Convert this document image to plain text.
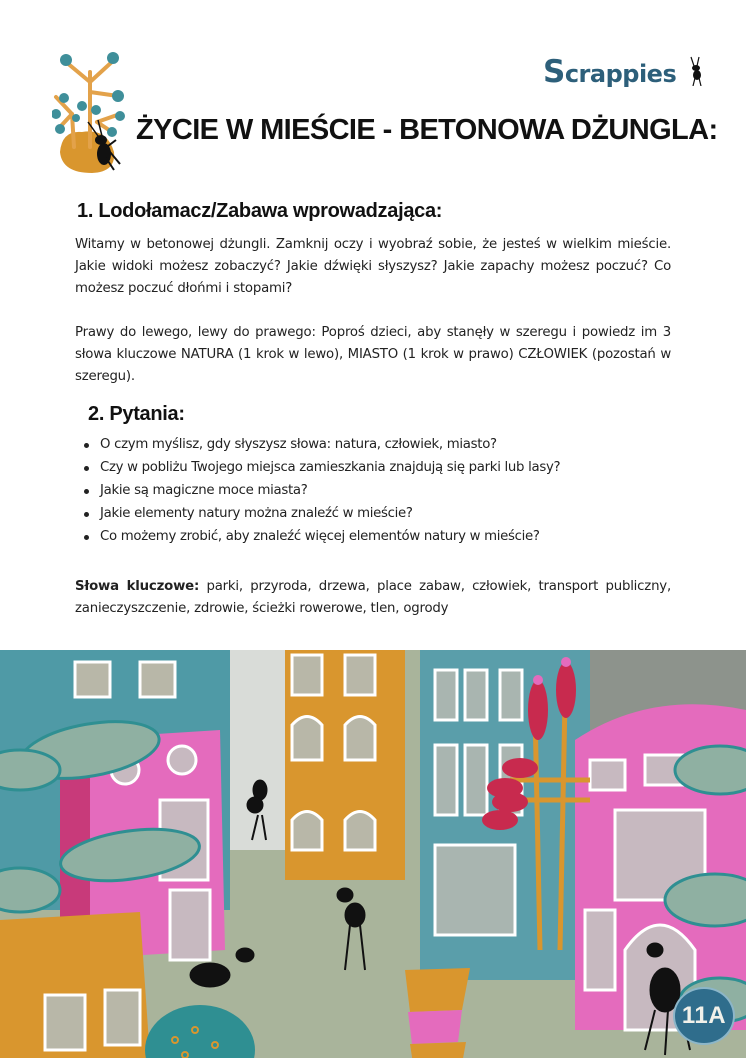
Scrappies
ŻYCIE W MIEŚCIE - BETONOWA DŻUNGLA:
1. Lodołamacz/Zabawa wprowadzająca:
Witamy w betonowej dżungli. Zamknij oczy i wyobraź sobie, że jesteś w wielkim mieście. Jakie widoki możesz zobaczyć? Jakie dźwięki słyszysz? Jakie zapachy możesz poczuć? Co możesz poczuć dłońmi i stopami?
Prawy do lewego, lewy do prawego: Poproś dzieci, aby stanęły w szeregu i powiedz im 3 słowa kluczowe NATURA (1 krok w lewo), MIASTO (1 krok w prawo) CZŁOWIEK (pozostań w szeregu).
2. Pytania:
O czym myślisz, gdy słyszysz słowa: natura, człowiek, miasto?
Czy w pobliżu Twojego miejsca zamieszkania znajdują się parki lub lasy?
Jakie są magiczne moce miasta?
Jakie elementy natury można znaleźć w mieście?
Co możemy zrobić, aby znaleźć więcej elementów natury w mieście?
Słowa kluczowe: parki, przyroda, drzewa, place zabaw, człowiek, transport publiczny, zanieczyszczenie, zdrowie, ścieżki rowerowe, tlen, ogrody
11A
